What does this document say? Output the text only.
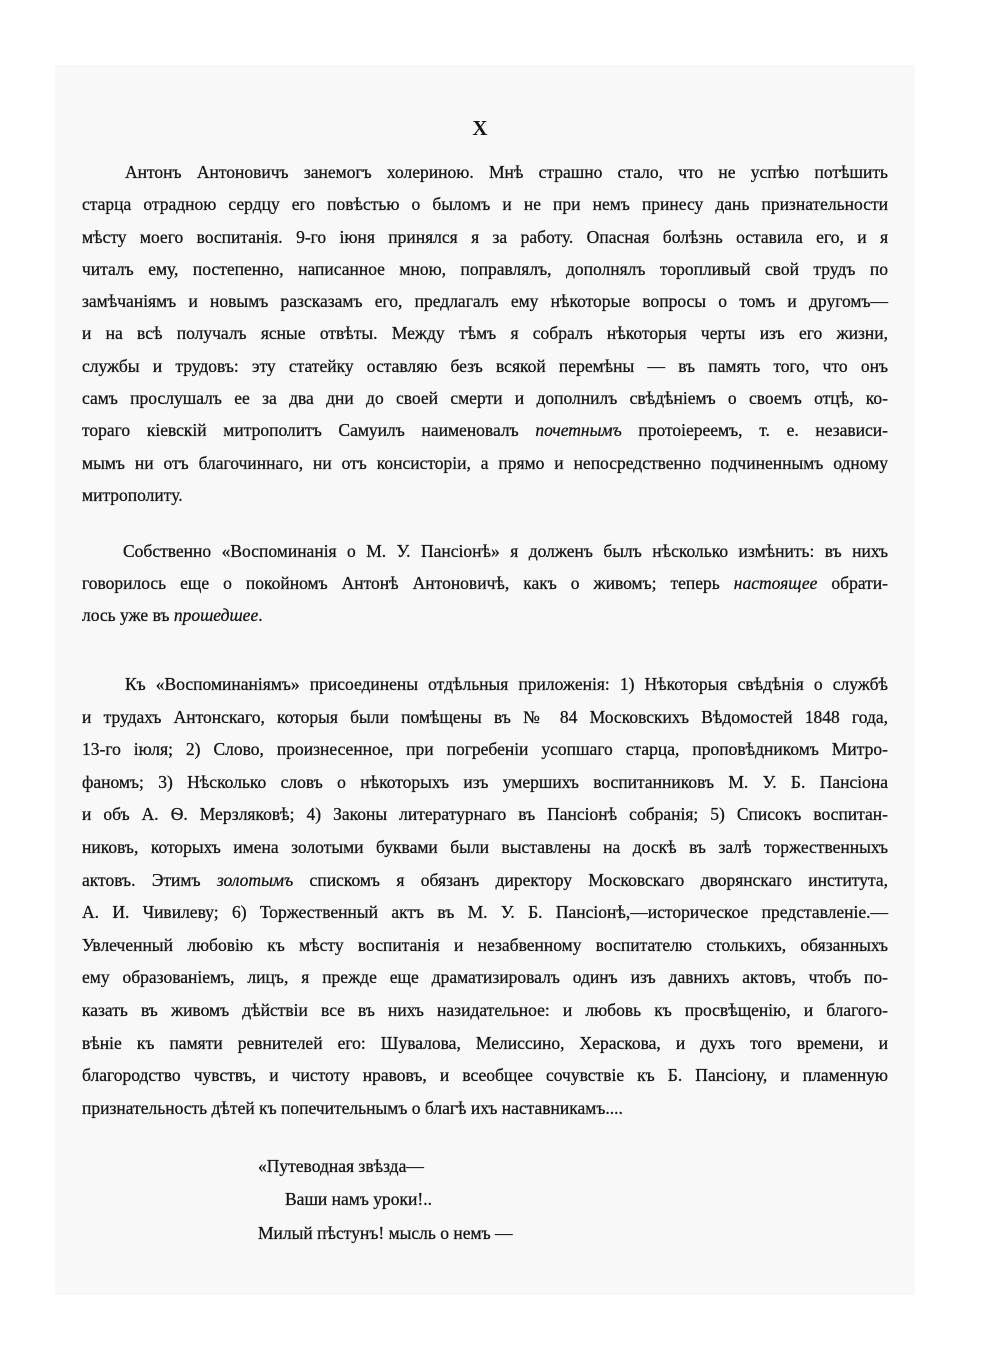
X
Антонъ Антоновичъ занемогъ холериною. Мнѣ страшно стало, что не успѣю потѣшить
старца отрадною сердцу его повѣстью о быломъ и не при немъ принесу дань признательности
мѣсту моего воспитанія. 9-го іюня принялся я за работу. Опасная болѣзнь оставила его, и я
читалъ ему, постепенно, написанное мною, поправлялъ, дополнялъ торопливый свой трудъ по
замѣчаніямъ и новымъ разсказамъ его, предлагалъ ему нѣкоторые вопросы о томъ и другомъ—
и на всѣ получалъ ясные отвѣты. Между тѣмъ я собралъ нѣкоторыя черты изъ его жизни,
службы и трудовъ: эту статейку оставляю безъ всякой перемѣны — въ память того, что онъ
самъ прослушалъ ее за два дни до своей смерти и дополнилъ свѣдѣніемъ о своемъ отцѣ, ко-
тораго кіевскій митрополитъ Самуилъ наименовалъ почетнымъ протоіереемъ, т. е. независи-
мымъ ни отъ благочиннаго, ни отъ консисторіи, а прямо и непосредственно подчиненнымъ одному
митрополиту.
Собственно «Воспоминанія о М. У. Пансіонѣ» я долженъ былъ нѣсколько измѣнить: въ нихъ
говорилось еще о покойномъ Антонѣ Антоновичѣ, какъ о живомъ; теперь настоящее обрати-
лось уже въ прошедшее.
Къ «Воспоминаніямъ» присоединены отдѣльныя приложенія: 1) Нѣкоторыя свѣдѣнія о службѣ
и трудахъ Антонскаго, которыя были помѣщены въ № 84 Московскихъ Вѣдомостей 1848 года,
13-го іюля; 2) Слово, произнесенное, при погребеніи усопшаго старца, проповѣдникомъ Митро-
фаномъ; 3) Нѣсколько словъ о нѣкоторыхъ изъ умершихъ воспитанниковъ М. У. Б. Пансіона
и объ А. Ѳ. Мерзляковѣ; 4) Законы литературнаго въ Пансіонѣ собранія; 5) Списокъ воспитан-
никовъ, которыхъ имена золотыми буквами были выставлены на доскѣ въ залѣ торжественныхъ
актовъ. Этимъ золотымъ спискомъ я обязанъ директору Московскаго дворянскаго института,
А. И. Чивилеву; 6) Торжественный актъ въ М. У. Б. Пансіонѣ,—историческое представленіе.—
Увлеченный любовію къ мѣсту воспитанія и незабвенному воспитателю столькихъ, обязанныхъ
ему образованіемъ, лицъ, я прежде еще драматизировалъ одинъ изъ давнихъ актовъ, чтобъ по-
казать въ живомъ дѣйствіи все въ нихъ назидательное: и любовь къ просвѣщенію, и благого-
вѣніе къ памяти ревнителей его: Шувалова, Мелиссино, Хераскова, и духъ того времени, и
благородство чувствъ, и чистоту нравовъ, и всеобщее сочувствіе къ Б. Пансіону, и пламенную
признательность дѣтей къ попечительнымъ о благѣ ихъ наставникамъ....
«Путеводная звѣзда—
Ваши намъ уроки!..
Милый пѣстунъ! мысль о немъ —
